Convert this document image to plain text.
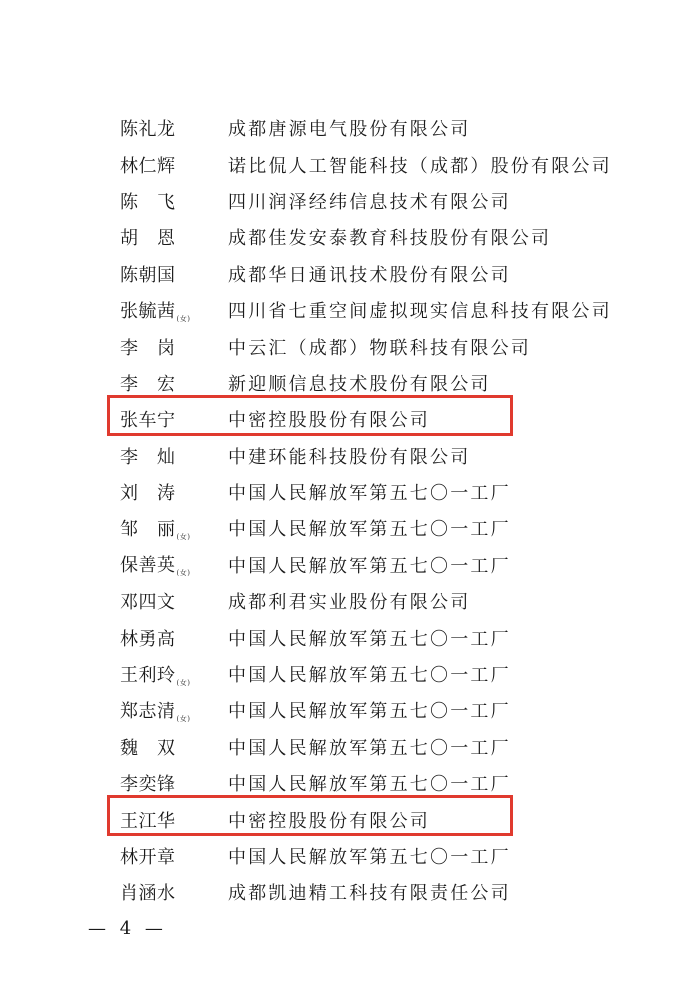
陈礼龙	成都唐源电气股份有限公司
林仁辉	诺比侃人工智能科技（成都）股份有限公司
陈　飞	四川润泽经纬信息技术有限公司
胡　恩	成都佳发安泰教育科技股份有限公司
陈朝国	成都华日通讯技术股份有限公司
张毓茜$_{(女)}$	四川省七重空间虚拟现实信息科技有限公司
李　岗	中云汇（成都）物联科技有限公司
李　宏	新迎顺信息技术股份有限公司
张车宁	中密控股股份有限公司
李　灿	中建环能科技股份有限公司
刘　涛	中国人民解放军第五七〇一工厂
邹　丽$_{(女)}$	中国人民解放军第五七〇一工厂
保善英$_{(女)}$	中国人民解放军第五七〇一工厂
邓四文	成都利君实业股份有限公司
林勇高	中国人民解放军第五七〇一工厂
王利玲$_{(女)}$	中国人民解放军第五七〇一工厂
郑志清$_{(女)}$	中国人民解放军第五七〇一工厂
魏　双	中国人民解放军第五七〇一工厂
李奕锋	中国人民解放军第五七〇一工厂
王江华	中密控股股份有限公司
林开章	中国人民解放军第五七〇一工厂
肖涵水	成都凯迪精工科技有限责任公司
— 4 —
